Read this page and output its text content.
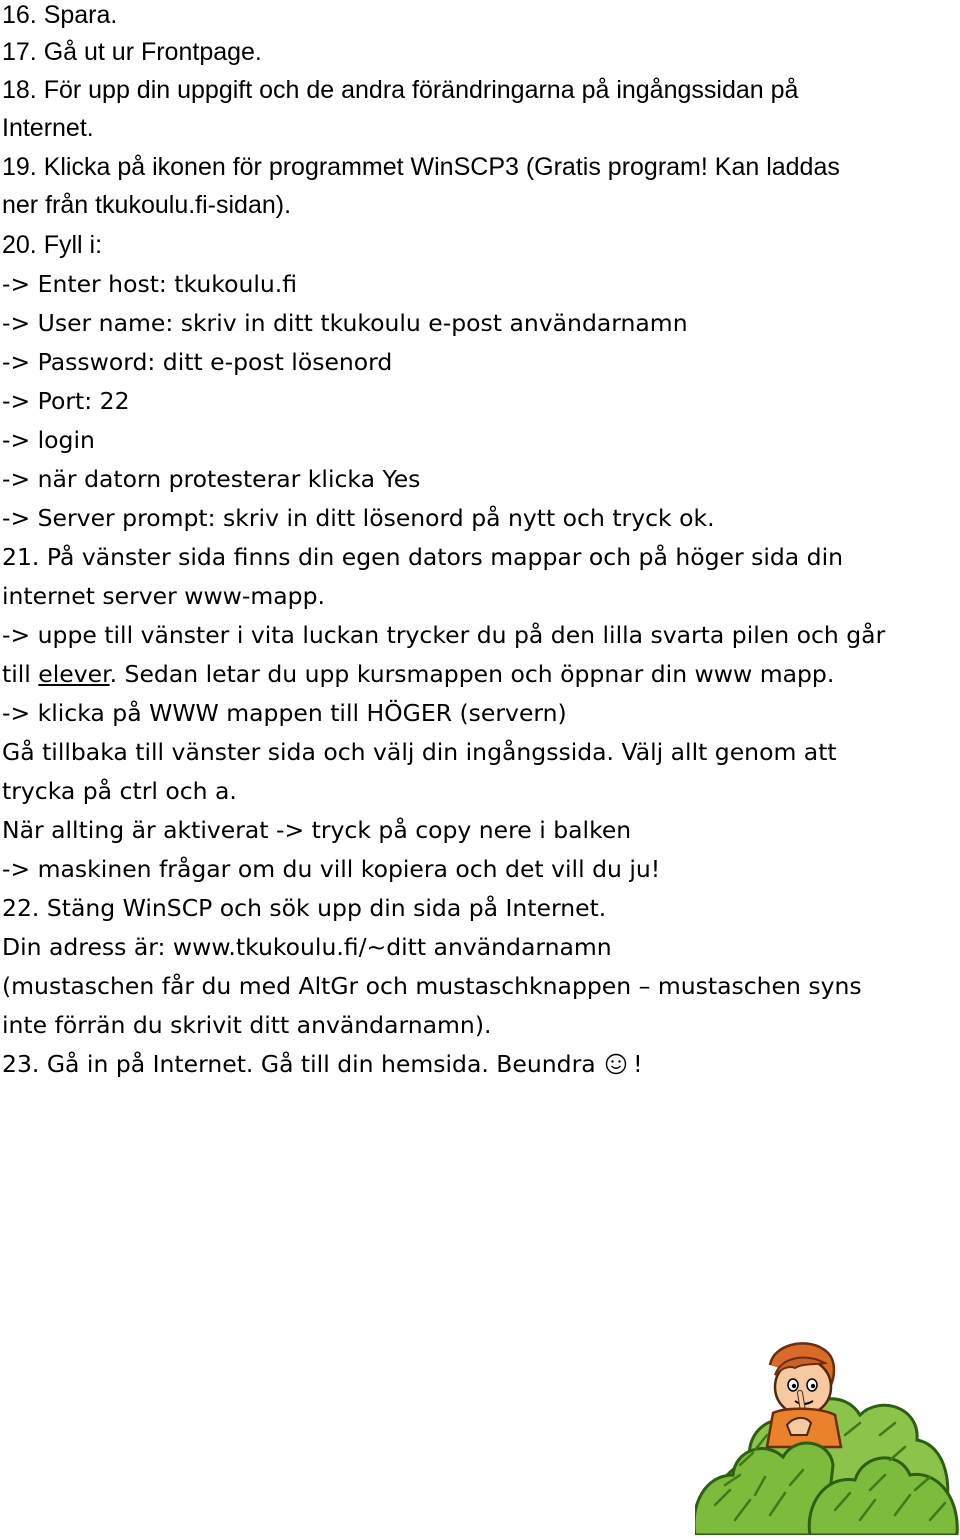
16. Spara.
17. Gå ut ur Frontpage.
18. För upp din uppgift och de andra förändringarna på ingångssidan på
Internet.
19. Klicka på ikonen för programmet WinSCP3 (Gratis program! Kan laddas
ner från tkukoulu.fi-sidan).
20. Fyll i:
-> Enter host: tkukoulu.fi
-> User name: skriv in ditt tkukoulu e-post användarnamn
-> Password: ditt e-post lösenord
-> Port: 22
-> login
-> när datorn protesterar klicka Yes
-> Server prompt: skriv in ditt lösenord på nytt och tryck ok.
21. På vänster sida finns din egen dators mappar och på höger sida din
internet server www-mapp.
-> uppe till vänster i vita luckan trycker du på den lilla svarta pilen och går
till elever. Sedan letar du upp kursmappen och öppnar din www mapp.
-> klicka på WWW mappen till HÖGER (servern)
Gå tillbaka till vänster sida och välj din ingångssida. Välj allt genom att
trycka på ctrl och a.
När allting är aktiverat -> tryck på copy nere i balken
-> maskinen frågar om du vill kopiera och det vill du ju!
22. Stäng WinSCP och sök upp din sida på Internet.
Din adress är: www.tkukoulu.fi/~ditt användarnamn
(mustaschen får du med AltGr och mustaschknappen – mustaschen syns
inte förrän du skrivit ditt användarnamn).
23. Gå in på Internet. Gå till din hemsida. Beundra !
